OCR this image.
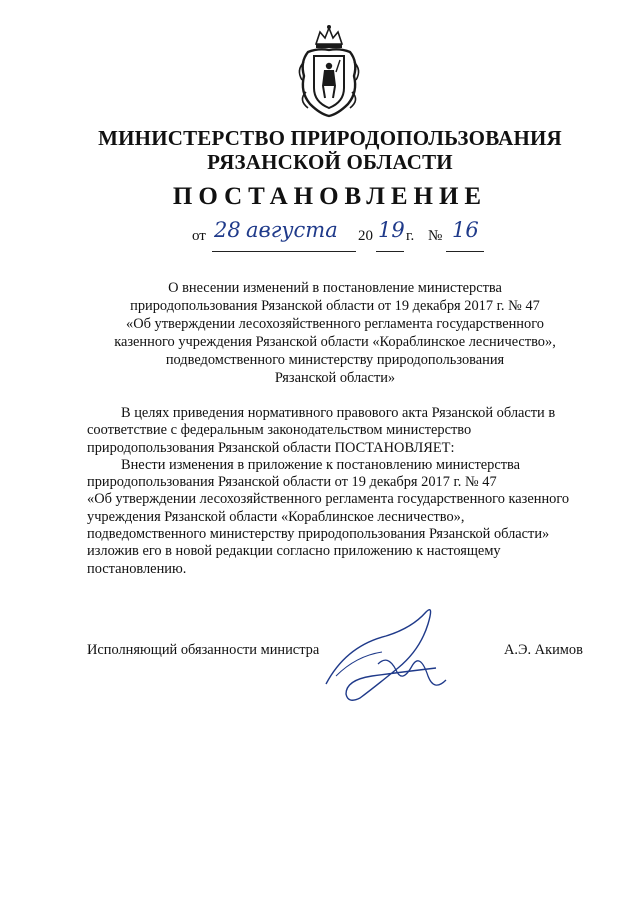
МИНИСТЕРСТВО ПРИРОДОПОЛЬЗОВАНИЯ
РЯЗАНСКОЙ ОБЛАСТИ
ПОСТАНОВЛЕНИЕ
от 28 августа 20 19 г. № 16
О внесении изменений в постановление министерства
природопользования Рязанской области от 19 декабря 2017 г. № 47
«Об утверждении лесохозяйственного регламента государственного
казенного учреждения Рязанской области «Кораблинское лесничество»,
подведомственного министерству природопользования
Рязанской области»

В целях приведения нормативного правового акта Рязанской области в

соответствие с федеральным законодательством министерство

природопользования Рязанской области ПОСТАНОВЛЯЕТ:

Внести изменения в приложение к постановлению министерства

природопользования Рязанской области от 19 декабря 2017 г. № 47

«Об утверждении лесохозяйственного регламента государственного казенного

учреждения Рязанской области «Кораблинское лесничество»,

подведомственного министерству природопользования Рязанской области»

изложив его в новой редакции согласно приложению к настоящему

постановлению.

Исполняющий обязанности министра	А.Э. Акимов
